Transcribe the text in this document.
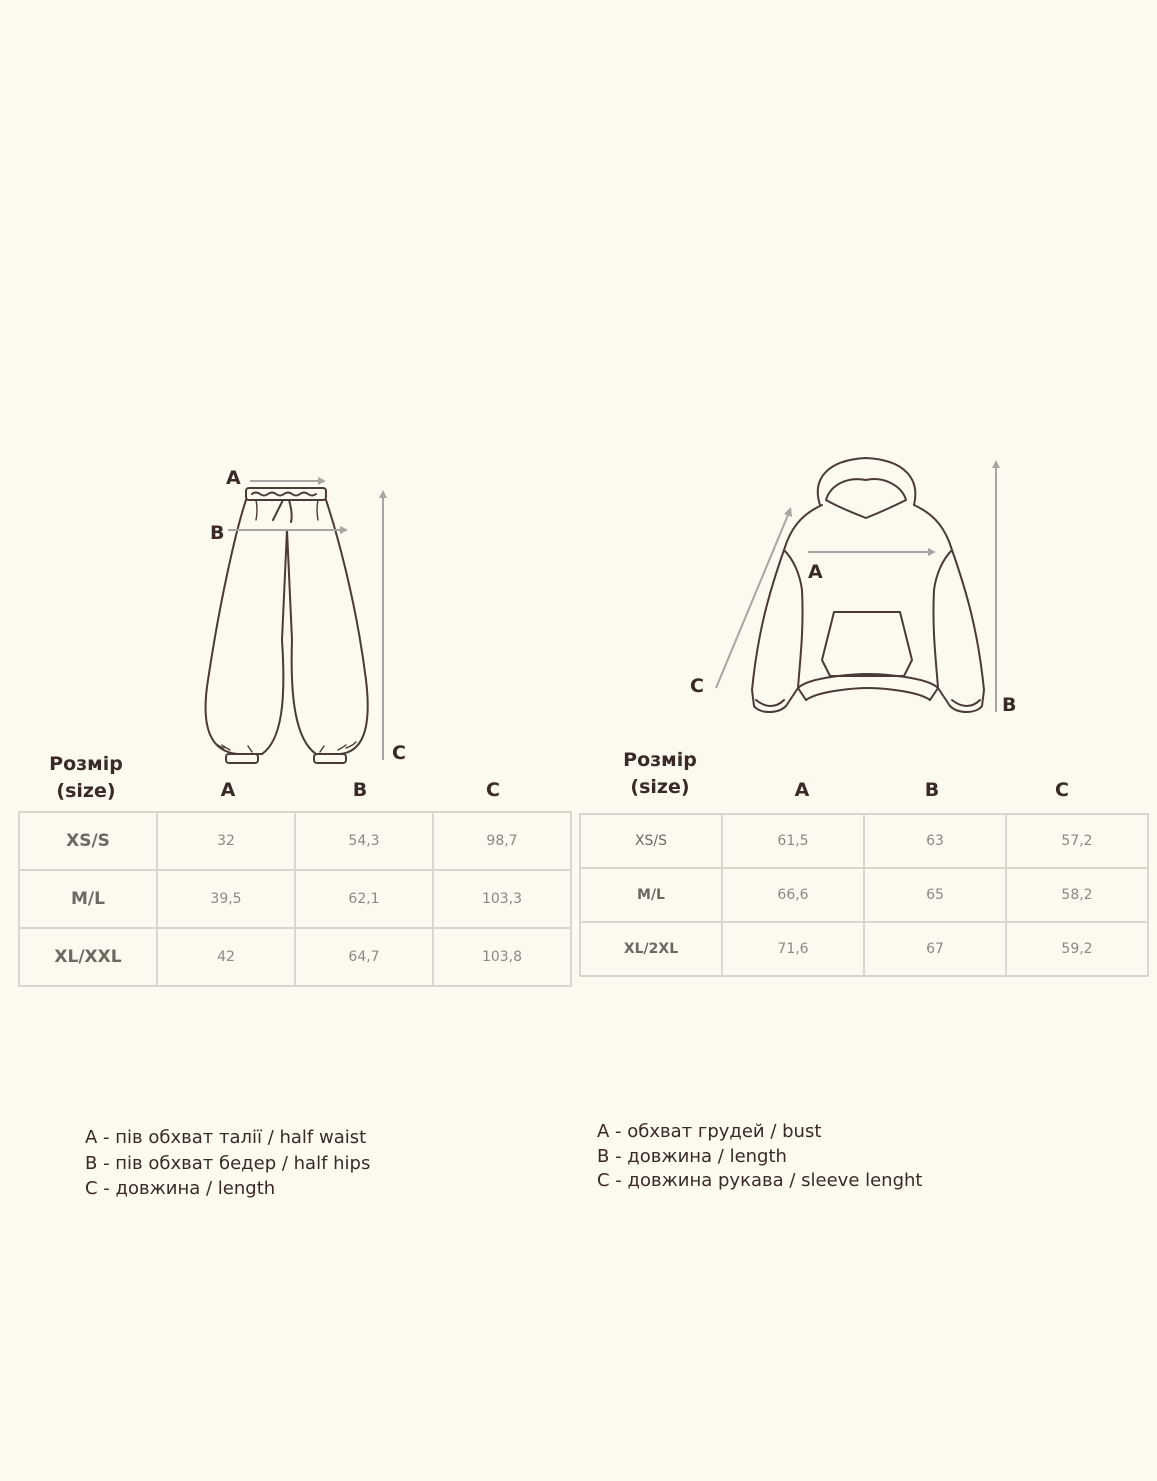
A
B
C
A
B
C
Розмір
(size)	A	B	C
XS/S	32	54,3	98,7
M/L	39,5	62,1	103,3
XL/XXL	42	64,7	103,8
Розмір
(size)	A	B	C
XS/S	61,5	63	57,2
M/L	66,6	65	58,2
XL/2XL	71,6	67	59,2
A - пів обхват талії / half waist
B - пів обхват бедер / half hips
C - довжина / length
A - обхват грудей / bust
B - довжина / length
C - довжина рукава / sleeve lenght
